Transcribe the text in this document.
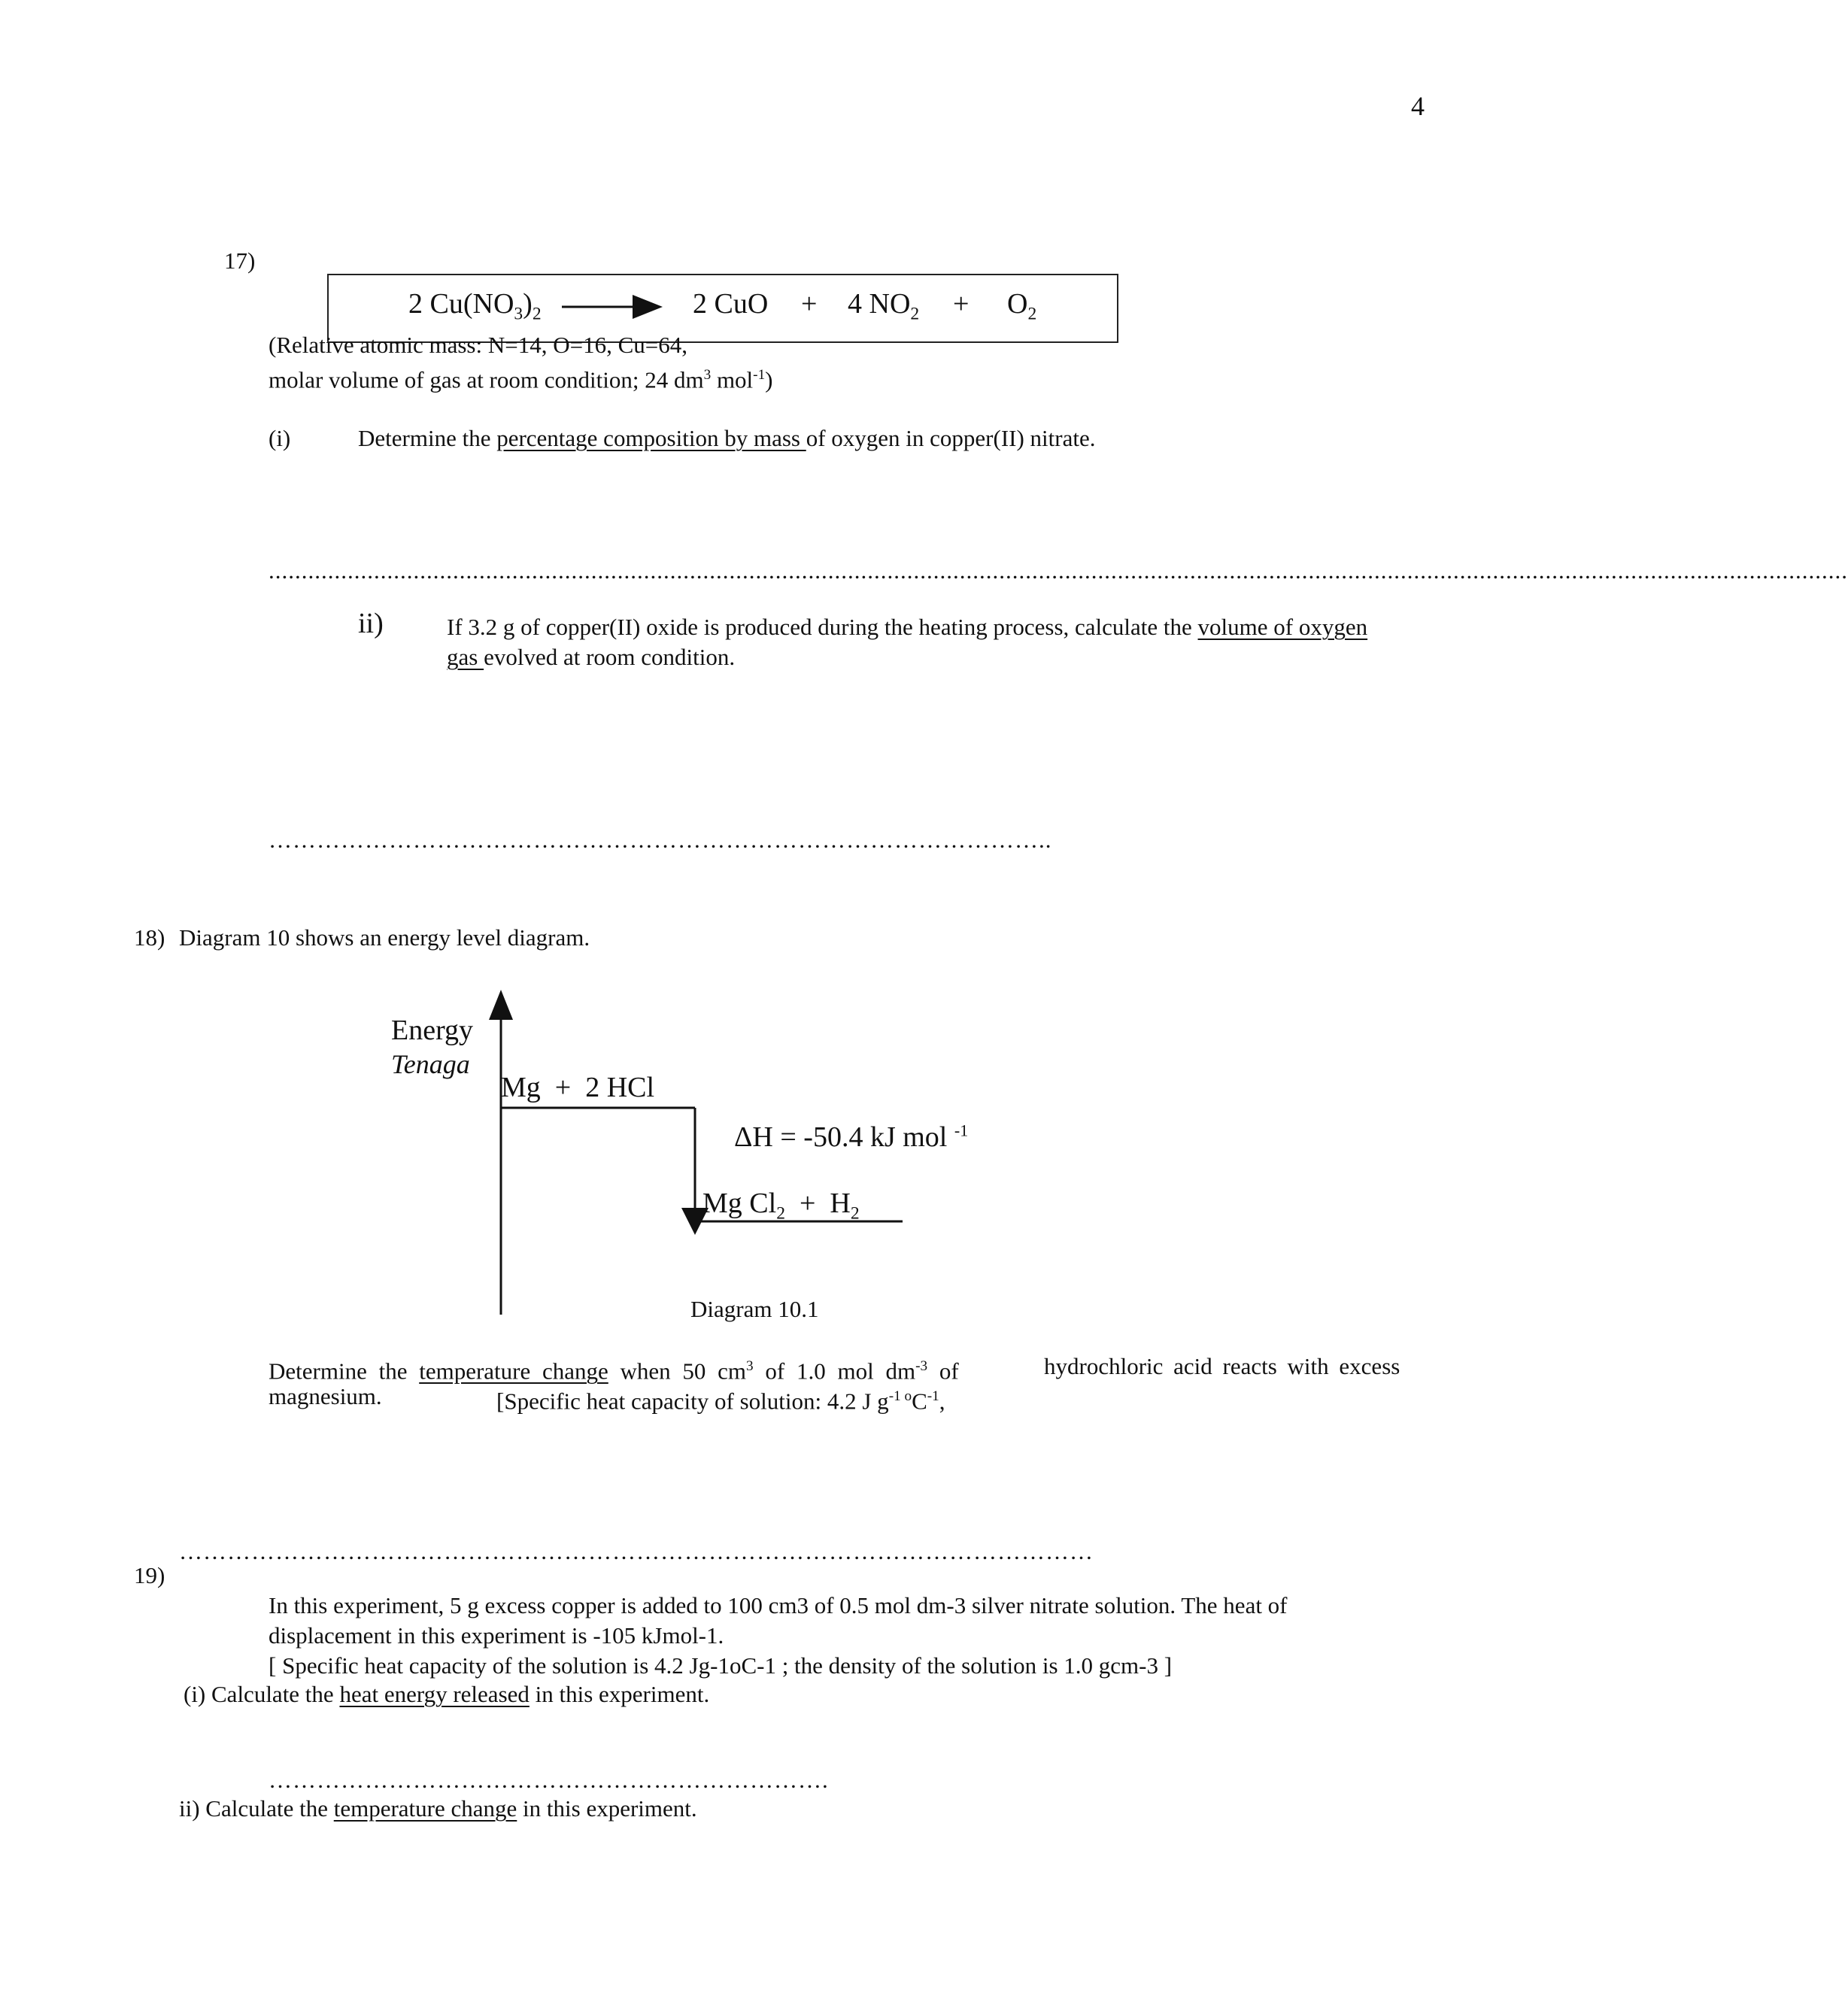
4
17)
2 $Cu(NO_3)_2$	2 CuO + 4 $NO_2 + O_2$
(Relative atomic mass: N=14, O=16, Cu=64,
molar volume of gas at room condition; 24 $dm^3$ mol$^{-1}$)
(i)	Determine the percentage composition by mass of oxygen in copper(II) nitrate.
................................................................................................................................................................................................................................................
ii)	If 3.2 g of copper(II) oxide is produced during the heating process, calculate the volume of oxygen
gas evolved at room condition.
……………………………………………………………………………………..
18) Diagram 10 shows an energy level diagram.
Energy
Tenaga
Mg  +  2 HCl
ΔH = -50.4 kJ mol $^{-1}$
Mg $Cl_2 + H_2$
Diagram 10.1
Determine the temperature change when 50 $cm^3$ of 1.0 mol $dm^{-3}$ of	hydrochloric acid reacts with excess
magnesium.	[Specific heat capacity of solution: 4.2 J $g^{-1 o}C^{-1}$,
……………………………………………………………………………………………………
19)
In this experiment, 5 g excess copper is added to 100 cm3 of 0.5 mol dm-3 silver nitrate solution. The heat of
displacement in this experiment is -105 kJmol-1.
[ Specific heat capacity of the solution is 4.2 Jg-1oC-1 ; the density of the solution is 1.0 gcm-3 ]
(i) Calculate the heat energy released in this experiment.
…………………………………………………………….
ii) Calculate the temperature change in this experiment.
